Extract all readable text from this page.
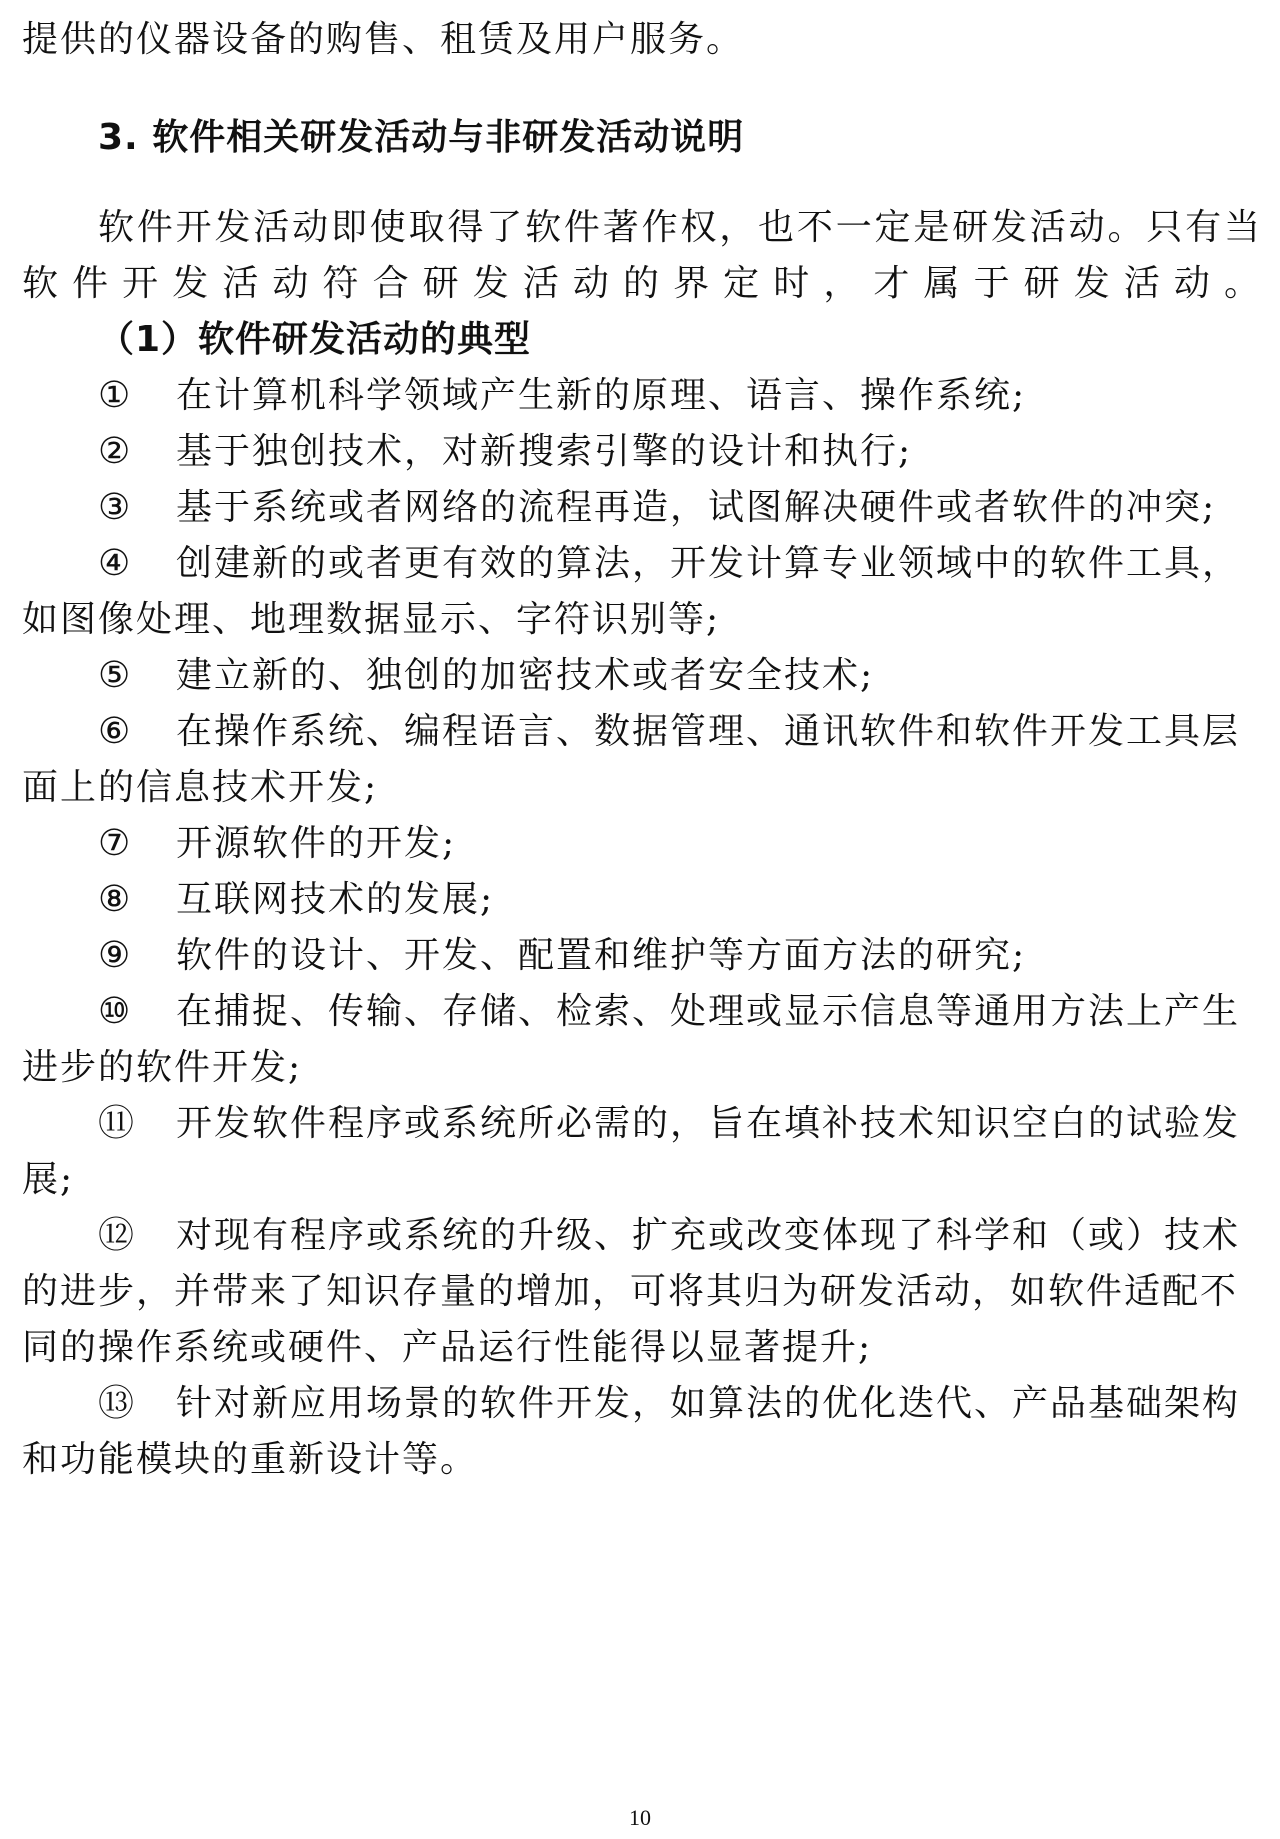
提供的仪器设备的购售、租赁及用户服务。
3. 软件相关研发活动与非研发活动说明
软件开发活动即使取得了软件著作权，也不一定是研发活动。只有当
软件开发活动符合研发活动的界定时，才属于研发活动。
（1）软件研发活动的典型
① 在计算机科学领域产生新的原理、语言、操作系统;
② 基于独创技术，对新搜索引擎的设计和执行;
③ 基于系统或者网络的流程再造，试图解决硬件或者软件的冲突;
④ 创建新的或者更有效的算法，开发计算专业领域中的软件工具，
如图像处理、地理数据显示、字符识别等;
⑤ 建立新的、独创的加密技术或者安全技术;
⑥ 在操作系统、编程语言、数据管理、通讯软件和软件开发工具层
面上的信息技术开发;
⑦ 开源软件的开发;
⑧ 互联网技术的发展;
⑨ 软件的设计、开发、配置和维护等方面方法的研究;
⑩ 在捕捉、传输、存储、检索、处理或显示信息等通用方法上产生
进步的软件开发;
⑪ 开发软件程序或系统所必需的，旨在填补技术知识空白的试验发
展;
⑫ 对现有程序或系统的升级、扩充或改变体现了科学和（或）技术
的进步，并带来了知识存量的增加，可将其归为研发活动，如软件适配不
同的操作系统或硬件、产品运行性能得以显著提升;
⑬ 针对新应用场景的软件开发，如算法的优化迭代、产品基础架构
和功能模块的重新设计等。
10
